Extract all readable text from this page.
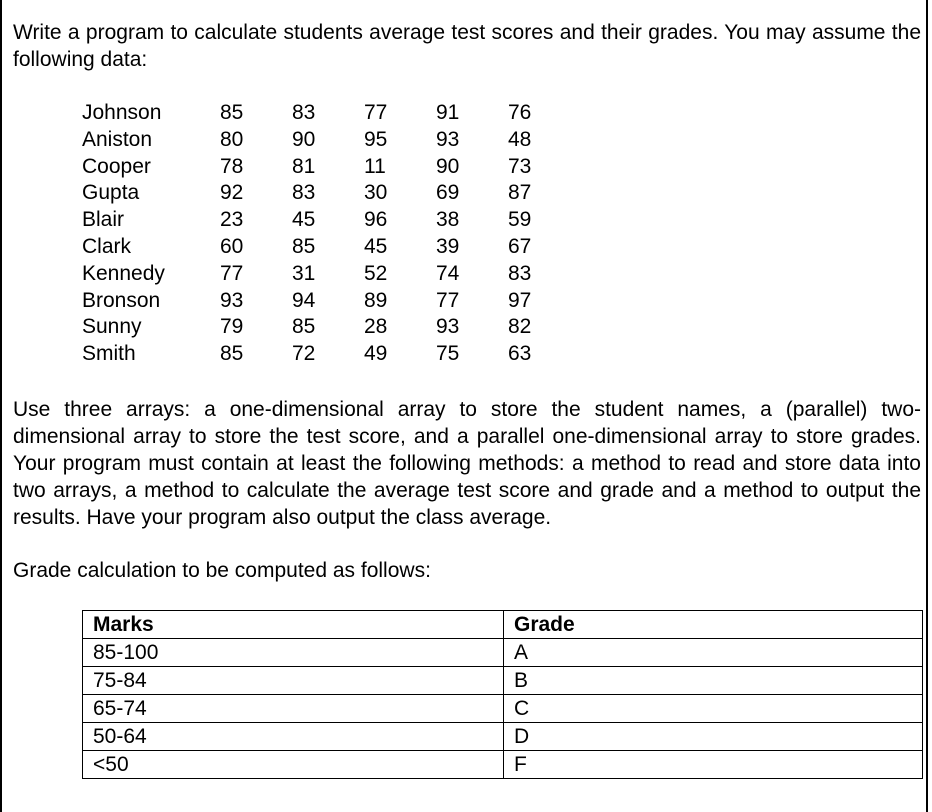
Write a program to calculate students average test scores and their grades. You may assume the following data:

Johnson	85	83	77	91	76
Aniston	80	90	95	93	48
Cooper	78	81	11	90	73
Gupta	92	83	30	69	87
Blair	23	45	96	38	59
Clark	60	85	45	39	67
Kennedy	77	31	52	74	83
Bronson	93	94	89	77	97
Sunny	79	85	28	93	82
Smith	85	72	49	75	63

Use three arrays: a one-dimensional array to store the student names, a (parallel) two-dimensional array to store the test score, and a parallel one-dimensional array to store grades. Your program must contain at least the following methods: a method to read and store data into two arrays, a method to calculate the average test score and grade and a method to output the results. Have your program also output the class average.

Grade calculation to be computed as follows:

Marks	Grade
85-100	A
75-84	B
65-74	C
50-64	D
<50	F
